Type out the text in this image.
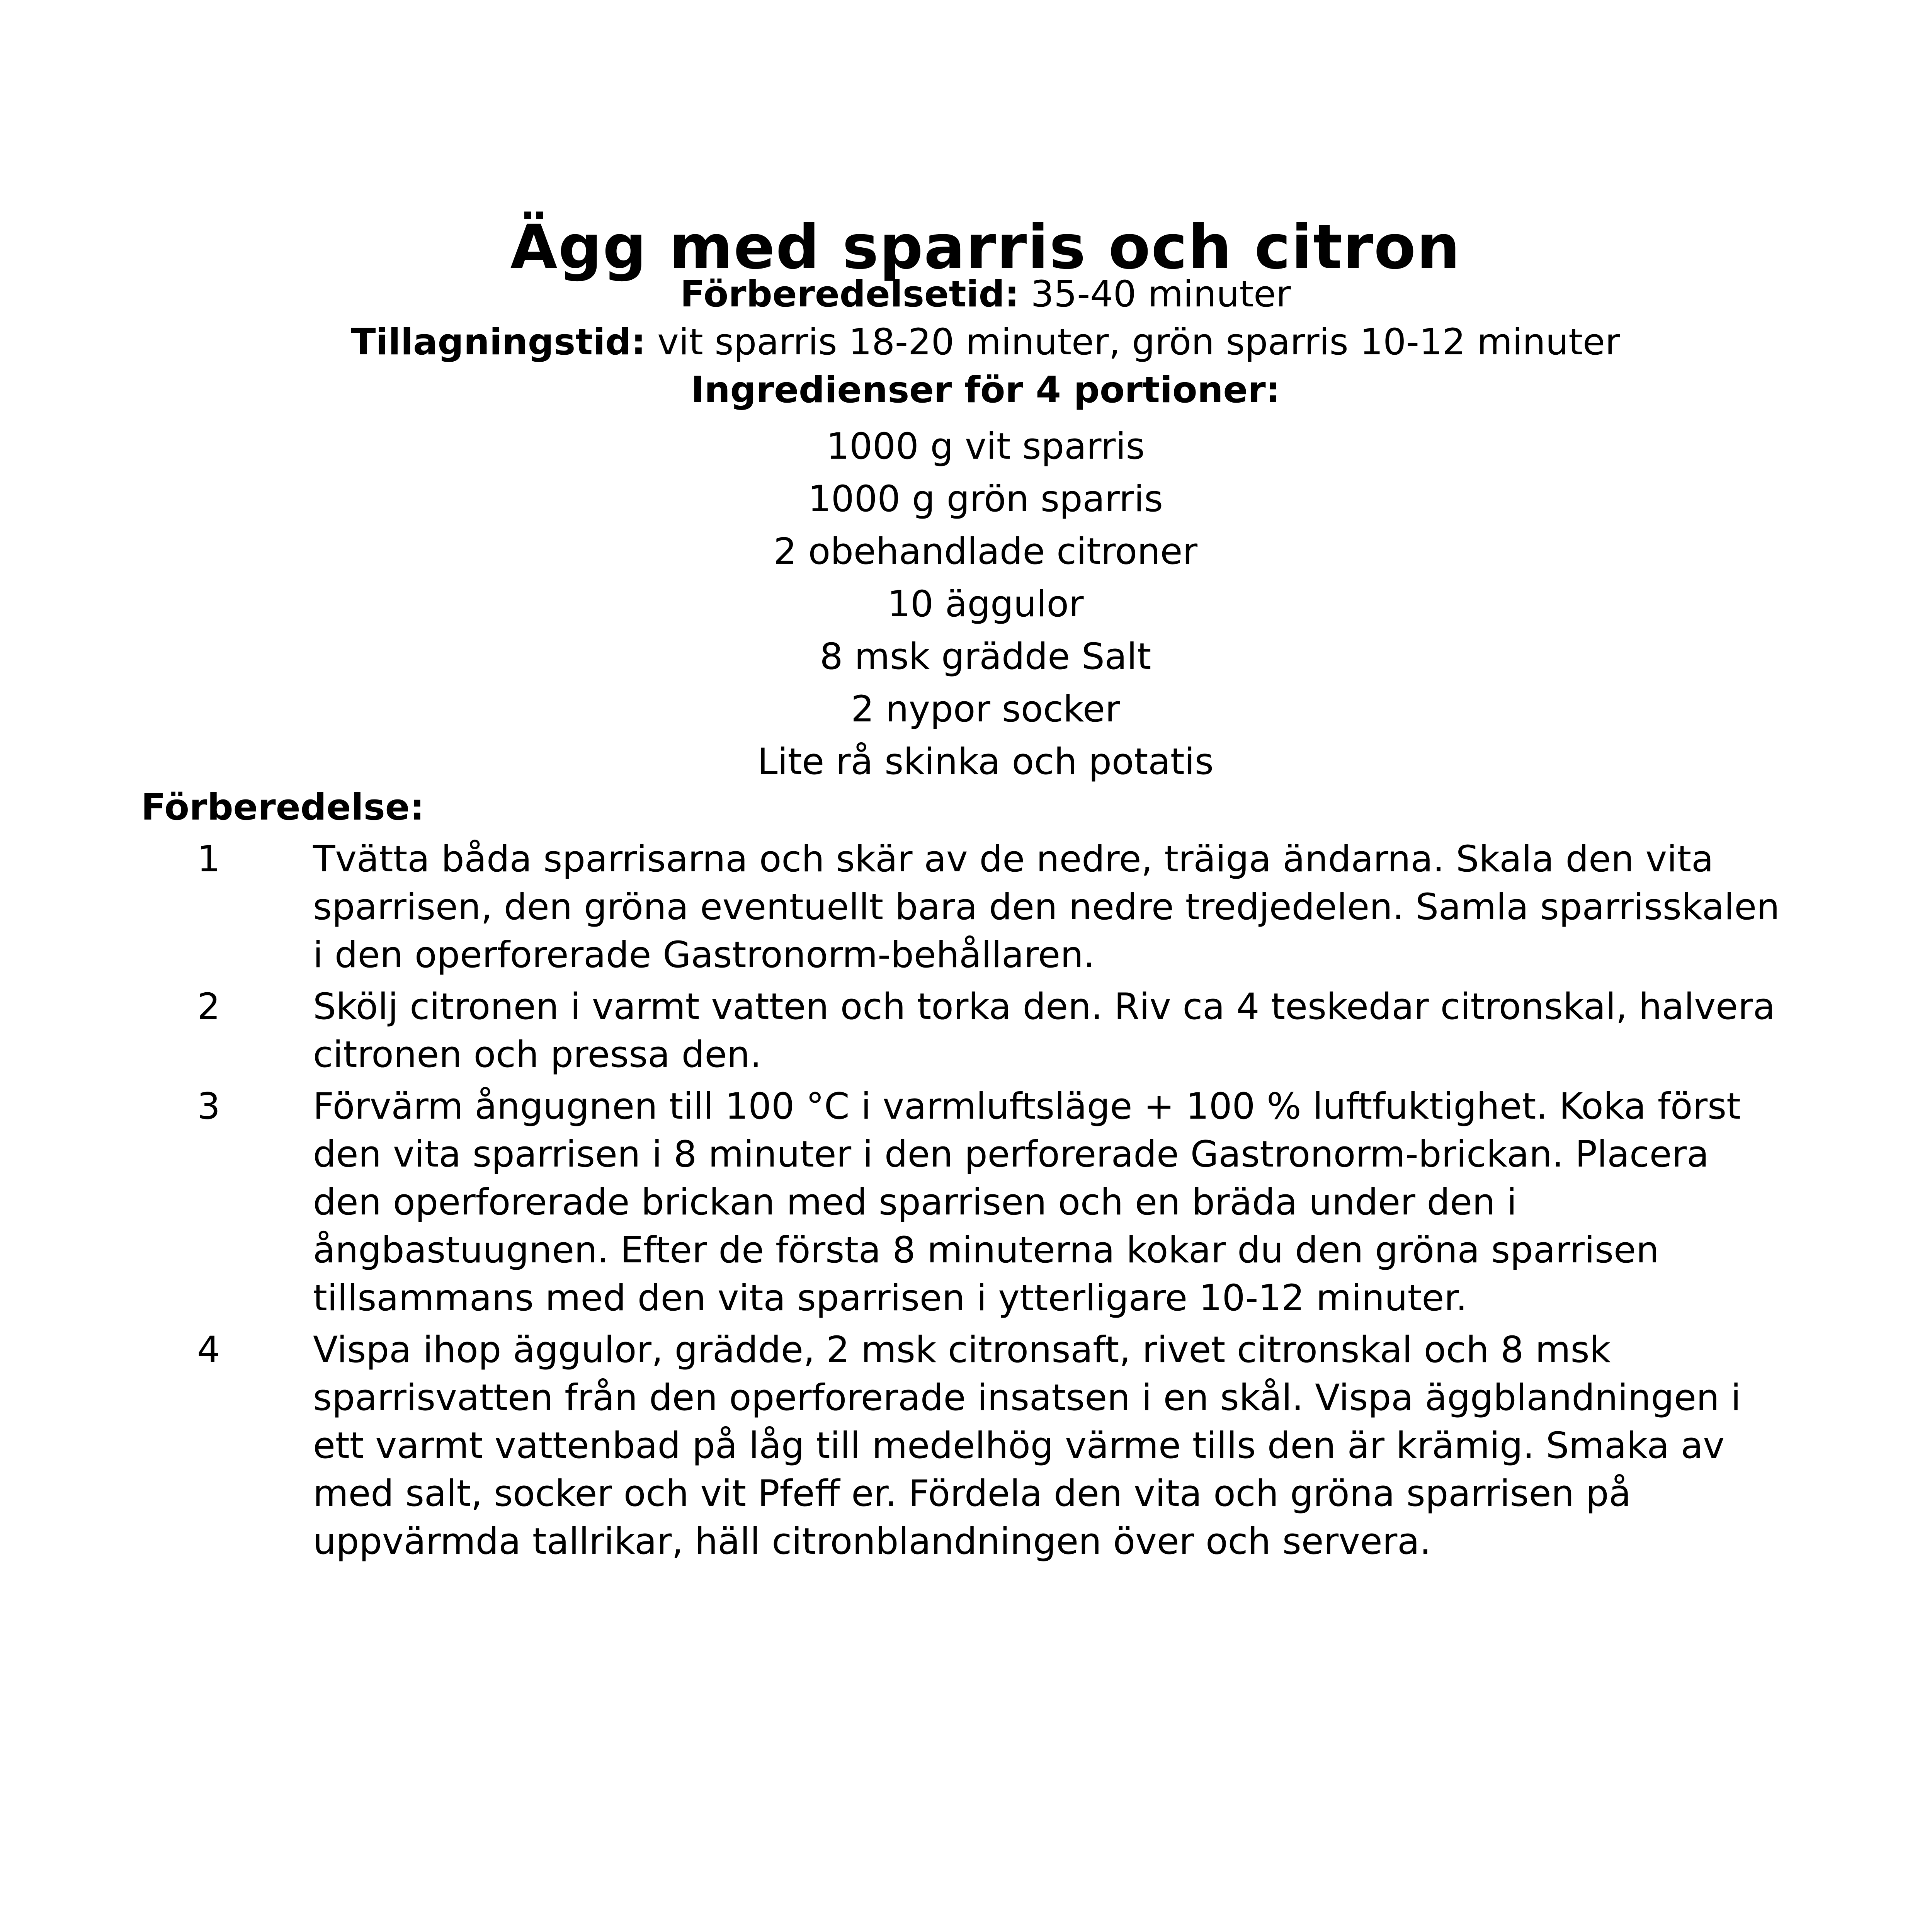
Ägg med sparris och citron
Förberedelsetid: 35-40 minuter
Tillagningstid: vit sparris 18-20 minuter, grön sparris 10-12 minuter
Ingredienser för 4 portioner:
1000 g vit sparris
1000 g grön sparris
2 obehandlade citroner
10 äggulor
8 msk grädde Salt
2 nypor socker
Lite rå skinka och potatis
Förberedelse:
1	Tvätta båda sparrisarna och skär av de nedre, träiga ändarna. Skala den vita sparrisen, den gröna eventuellt bara den nedre tredjedelen. Samla sparrisskalen i den operforerade Gastronorm-behållaren.
2	Skölj citronen i varmt vatten och torka den. Riv ca 4 teskedar citronskal, halvera citronen och pressa den.
3	Förvärm ångugnen till 100 °C i varmluftsläge + 100 % luftfuktighet. Koka först den vita sparrisen i 8 minuter i den perforerade Gastronorm-brickan. Placera den operforerade brickan med sparrisen och en bräda under den i ångbastuugnen. Efter de första 8 minuterna kokar du den gröna sparrisen tillsammans med den vita sparrisen i ytterligare 10-12 minuter.
4	Vispa ihop äggulor, grädde, 2 msk citronsaft, rivet citronskal och 8 msk sparrisvatten från den operforerade insatsen i en skål. Vispa äggblandningen i ett varmt vattenbad på låg till medelhög värme tills den är krämig. Smaka av med salt, socker och vit Pfeff er. Fördela den vita och gröna sparrisen på uppvärmda tallrikar, häll citronblandningen över och servera.
